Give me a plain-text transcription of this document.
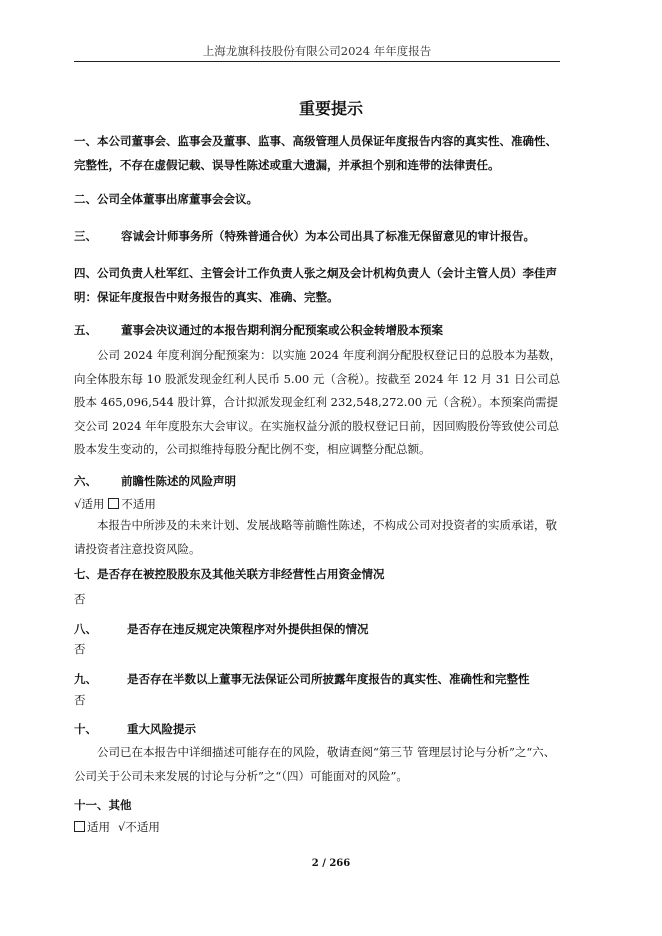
上海龙旗科技股份有限公司2024 年年度报告
重要提示
一、本公司董事会、监事会及董事、监事、高级管理人员保证年度报告内容的真实性、准确性、完整性，不存在虚假记载、误导性陈述或重大遗漏，并承担个别和连带的法律责任。
二、公司全体董事出席董事会会议。
三、 容诚会计师事务所（特殊普通合伙）为本公司出具了标准无保留意见的审计报告。
四、公司负责人杜军红、主管会计工作负责人张之炯及会计机构负责人（会计主管人员）李佳声明：保证年度报告中财务报告的真实、准确、完整。
五、 董事会决议通过的本报告期利润分配预案或公积金转增股本预案
公司 2024 年度利润分配预案为：以实施 2024 年度利润分配股权登记日的总股本为基数，向全体股东每 10 股派发现金红利人民币 5.00 元（含税）。按截至 2024 年 12 月 31 日公司总股本 465,096,544 股计算，合计拟派发现金红利 232,548,272.00 元（含税）。本预案尚需提交公司 2024 年年度股东大会审议。在实施权益分派的股权登记日前，因回购股份等致使公司总股本发生变动的，公司拟维持每股分配比例不变，相应调整分配总额。
六、 前瞻性陈述的风险声明
√适用 不适用
本报告中所涉及的未来计划、发展战略等前瞻性陈述，不构成公司对投资者的实质承诺，敬请投资者注意投资风险。
七、是否存在被控股股东及其他关联方非经营性占用资金情况
否
八、	是否存在违反规定决策程序对外提供担保的情况
否
九、	是否存在半数以上董事无法保证公司所披露年度报告的真实性、准确性和完整性
否
十、	重大风险提示
公司已在本报告中详细描述可能存在的风险，敬请查阅“第三节 管理层讨论与分析”之“六、公司关于公司未来发展的讨论与分析”之“（四）可能面对的风险”。
十一、其他
适用 √不适用
2 / 266
